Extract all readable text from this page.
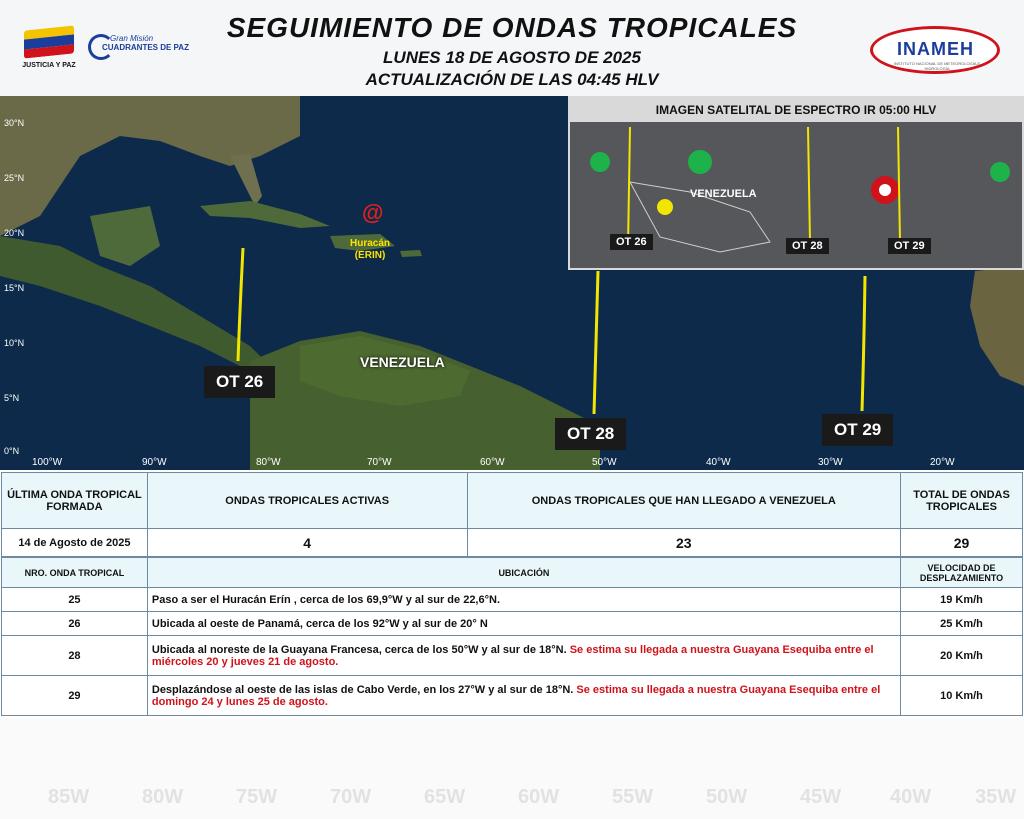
JUSTICIA Y PAZ
Gran Misión
CUADRANTES DE PAZ
SEGUIMIENTO DE ONDAS TROPICALES
LUNES 18 DE AGOSTO DE 2025
ACTUALIZACIÓN DE LAS 04:45 HLV
INAMEH
INSTITUTO NACIONAL DE METEOROLOGÍA E HIDROLOGÍA
30°N
25°N
20°N
15°N
10°N
5°N
0°N
100°W	90°W	80°W	70°W	60°W	50°W	40°W	30°W	20°W
VENEZUELA
@
Huracán
(ERIN)
OT 26
OT 28	OT 29
IMAGEN SATELITAL DE ESPECTRO IR 05:00 HLV
VENEZUELA
OT 26	OT 28	OT 29
ÚLTIMA ONDA TROPICAL FORMADA	ONDAS TROPICALES ACTIVAS	ONDAS TROPICALES QUE HAN LLEGADO A VENEZUELA	TOTAL DE ONDAS TROPICALES
14 de Agosto de 2025	4	23	29
NRO. ONDA TROPICAL	UBICACIÓN	VELOCIDAD DE DESPLAZAMIENTO
25	Paso a ser el Huracán Erín , cerca de los 69,9°W y al sur de 22,6°N.	19 Km/h
26	Ubicada al oeste de Panamá, cerca de los 92°W y al sur de 20° N	25 Km/h
28	Ubicada al noreste de la Guayana Francesa, cerca de los 50°W y al sur de 18°N. Se estima su llegada a nuestra Guayana Esequiba entre el miércoles 20 y jueves 21 de agosto.	20 Km/h
29	Desplazándose al oeste de las islas de Cabo Verde, en los 27°W y al sur de 18°N. Se estima su llegada a nuestra Guayana Esequiba entre el domingo 24 y lunes 25 de agosto.	10 Km/h
85W	80W	75W	70W	65W	60W	55W	50W	45W 40W 35W
